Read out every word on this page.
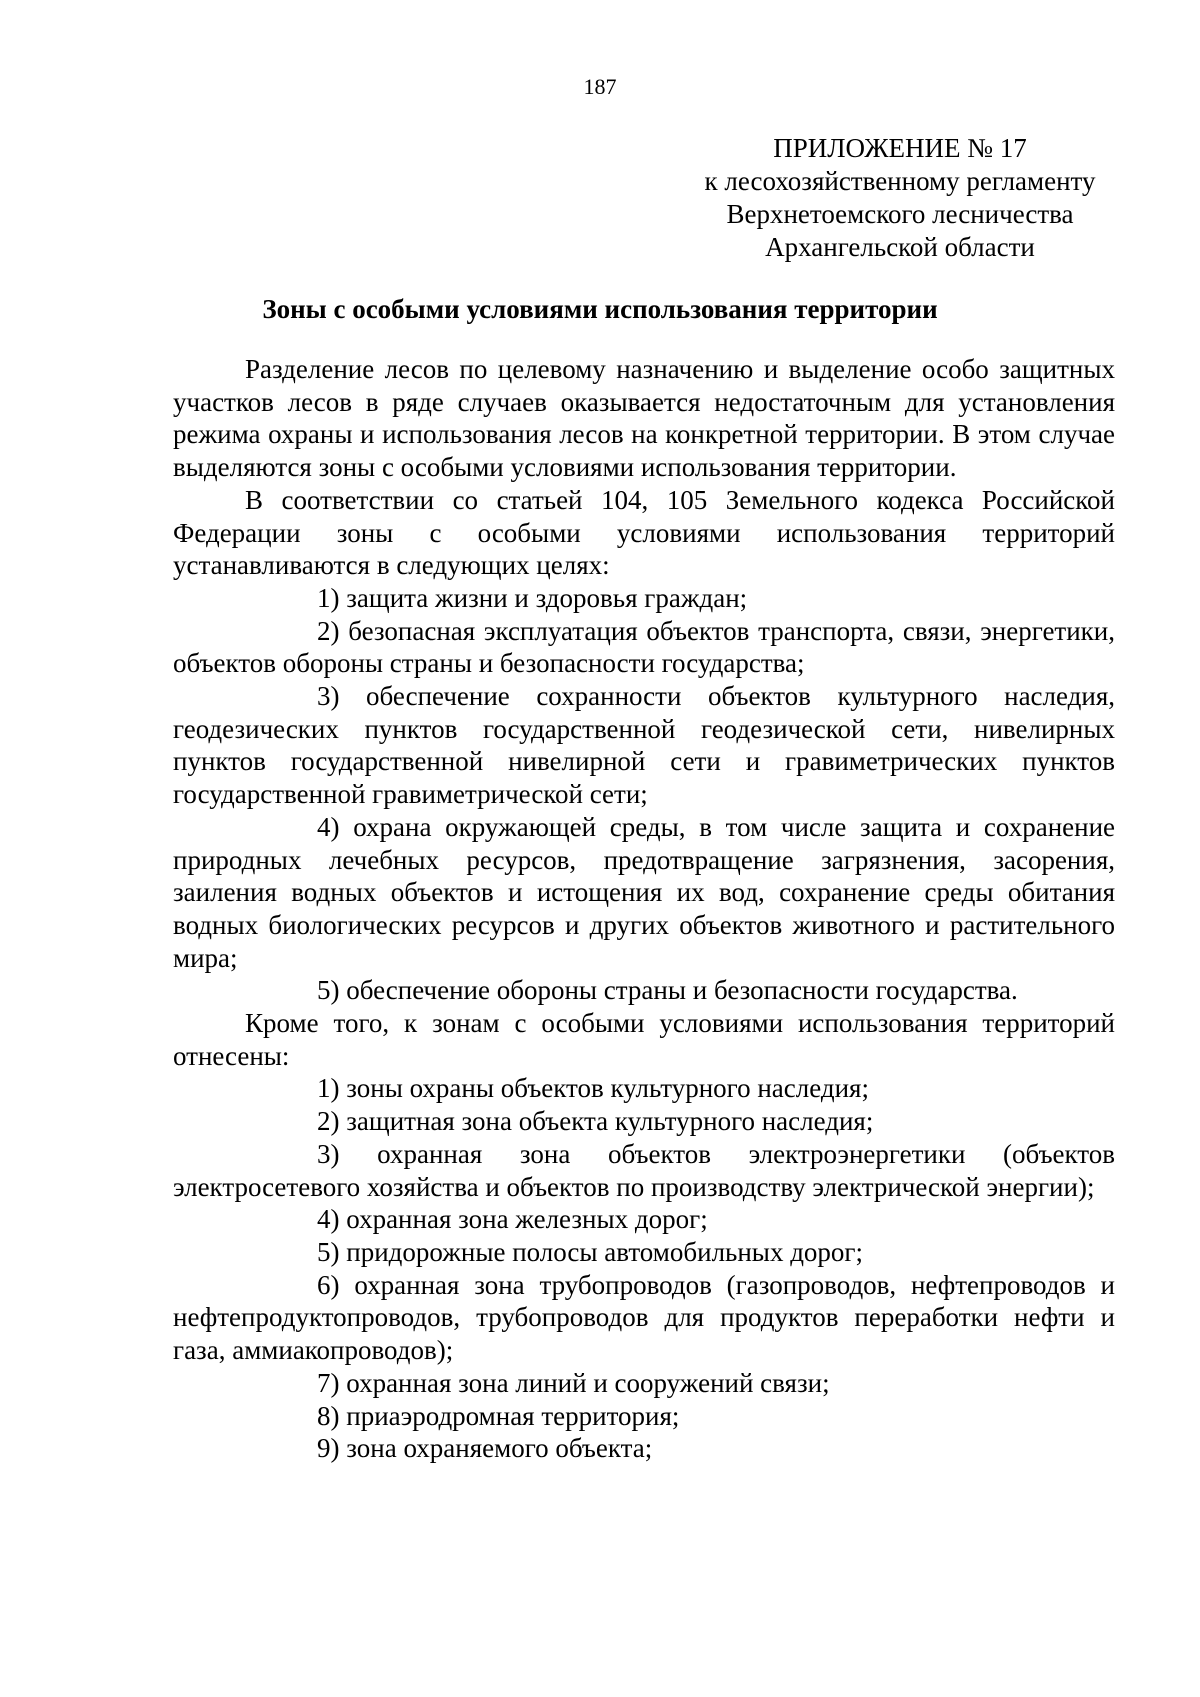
187
ПРИЛОЖЕНИЕ № 17
к лесохозяйственному регламенту
Верхнетоемского лесничества
Архангельской области
Зоны с особыми условиями использования территории

Разделение лесов по целевому назначению и выделение особо защитных участков лесов в ряде случаев оказывается недостаточным для установления режима охраны и использования лесов на конкретной территории. В этом случае выделяются зоны с особыми условиями использования территории.

В соответствии со статьей 104, 105 Земельного кодекса Российской Федерации зоны с особыми условиями использования территорий устанавливаются в следующих целях:

1) защита жизни и здоровья граждан;

2) безопасная эксплуатация объектов транспорта, связи, энергетики, объектов обороны страны и безопасности государства;

3) обеспечение сохранности объектов культурного наследия, геодезических пунктов государственной геодезической сети, нивелирных пунктов государственной нивелирной сети и гравиметрических пунктов государственной гравиметрической сети;

4) охрана окружающей среды, в том числе защита и сохранение природных лечебных ресурсов, предотвращение загрязнения, засорения, заиления водных объектов и истощения их вод, сохранение среды обитания водных биологических ресурсов и других объектов животного и растительного мира;

5) обеспечение обороны страны и безопасности государства.

Кроме того, к зонам с особыми условиями использования территорий отнесены:

1) зоны охраны объектов культурного наследия;

2) защитная зона объекта культурного наследия;

3) охранная зона объектов электроэнергетики (объектов электросетевого хозяйства и объектов по производству электрической энергии);

4) охранная зона железных дорог;

5) придорожные полосы автомобильных дорог;

6) охранная зона трубопроводов (газопроводов, нефтепроводов и нефтепродуктопроводов, трубопроводов для продуктов переработки нефти и газа, аммиакопроводов);

7) охранная зона линий и сооружений связи;

8) приаэродромная территория;

9) зона охраняемого объекта;
